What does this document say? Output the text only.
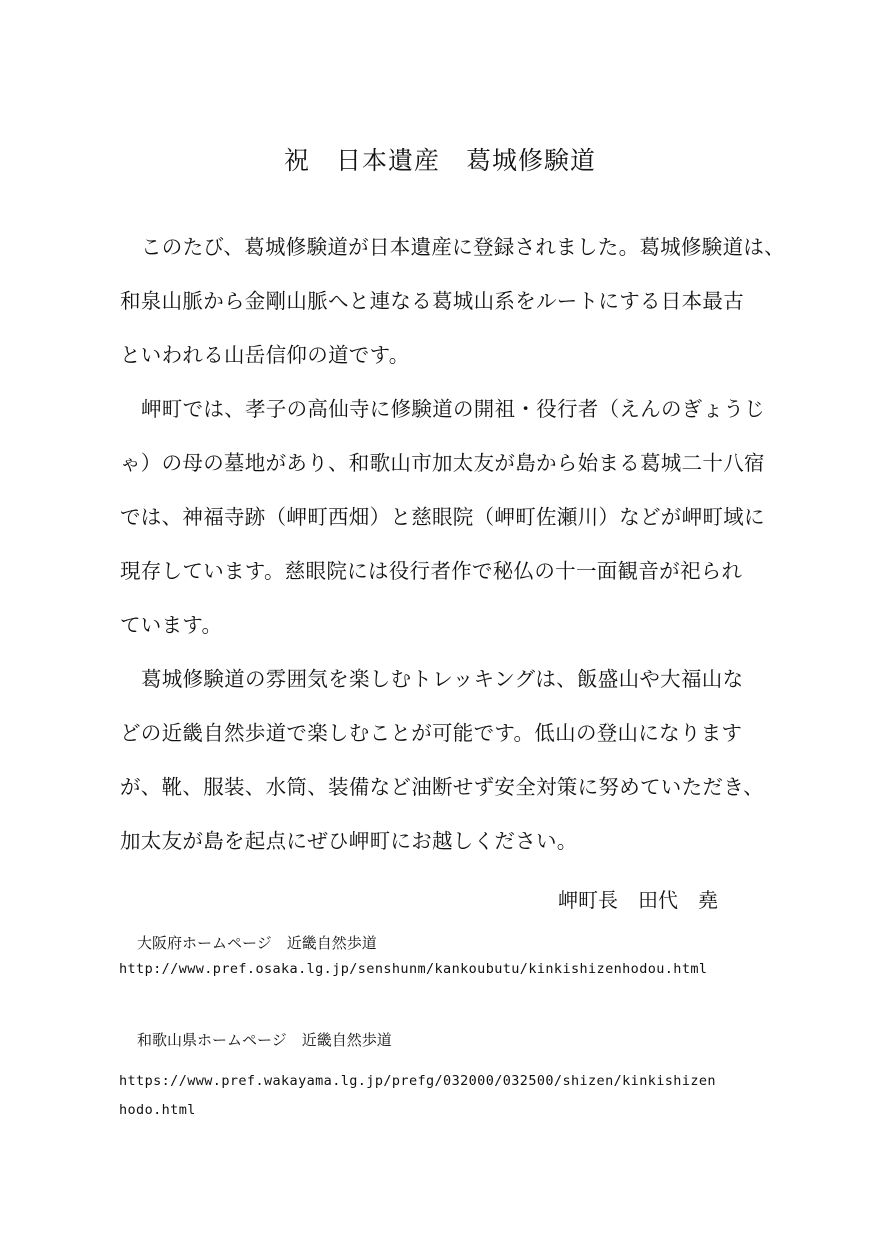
祝　日本遺産　葛城修験道
このたび、葛城修験道が日本遺産に登録されました。葛城修験道は、
和泉山脈から金剛山脈へと連なる葛城山系をルートにする日本最古
といわれる山岳信仰の道です。
岬町では、孝子の高仙寺に修験道の開祖・役行者（えんのぎょうじ
ゃ）の母の墓地があり、和歌山市加太友が島から始まる葛城二十八宿
では、神福寺跡（岬町西畑）と慈眼院（岬町佐瀬川）などが岬町域に
現存しています。慈眼院には役行者作で秘仏の十一面観音が祀られ
ています。
葛城修験道の雰囲気を楽しむトレッキングは、飯盛山や大福山な
どの近畿自然歩道で楽しむことが可能です。低山の登山になります
が、靴、服装、水筒、装備など油断せず安全対策に努めていただき、
加太友が島を起点にぜひ岬町にお越しください。
岬町長　田代　堯
大阪府ホームページ　近畿自然歩道
http://www.pref.osaka.lg.jp/senshunm/kankoubutu/kinkishizenhodou.html
和歌山県ホームページ　近畿自然歩道
https://www.pref.wakayama.lg.jp/prefg/032000/032500/shizen/kinkishizen
hodo.html
